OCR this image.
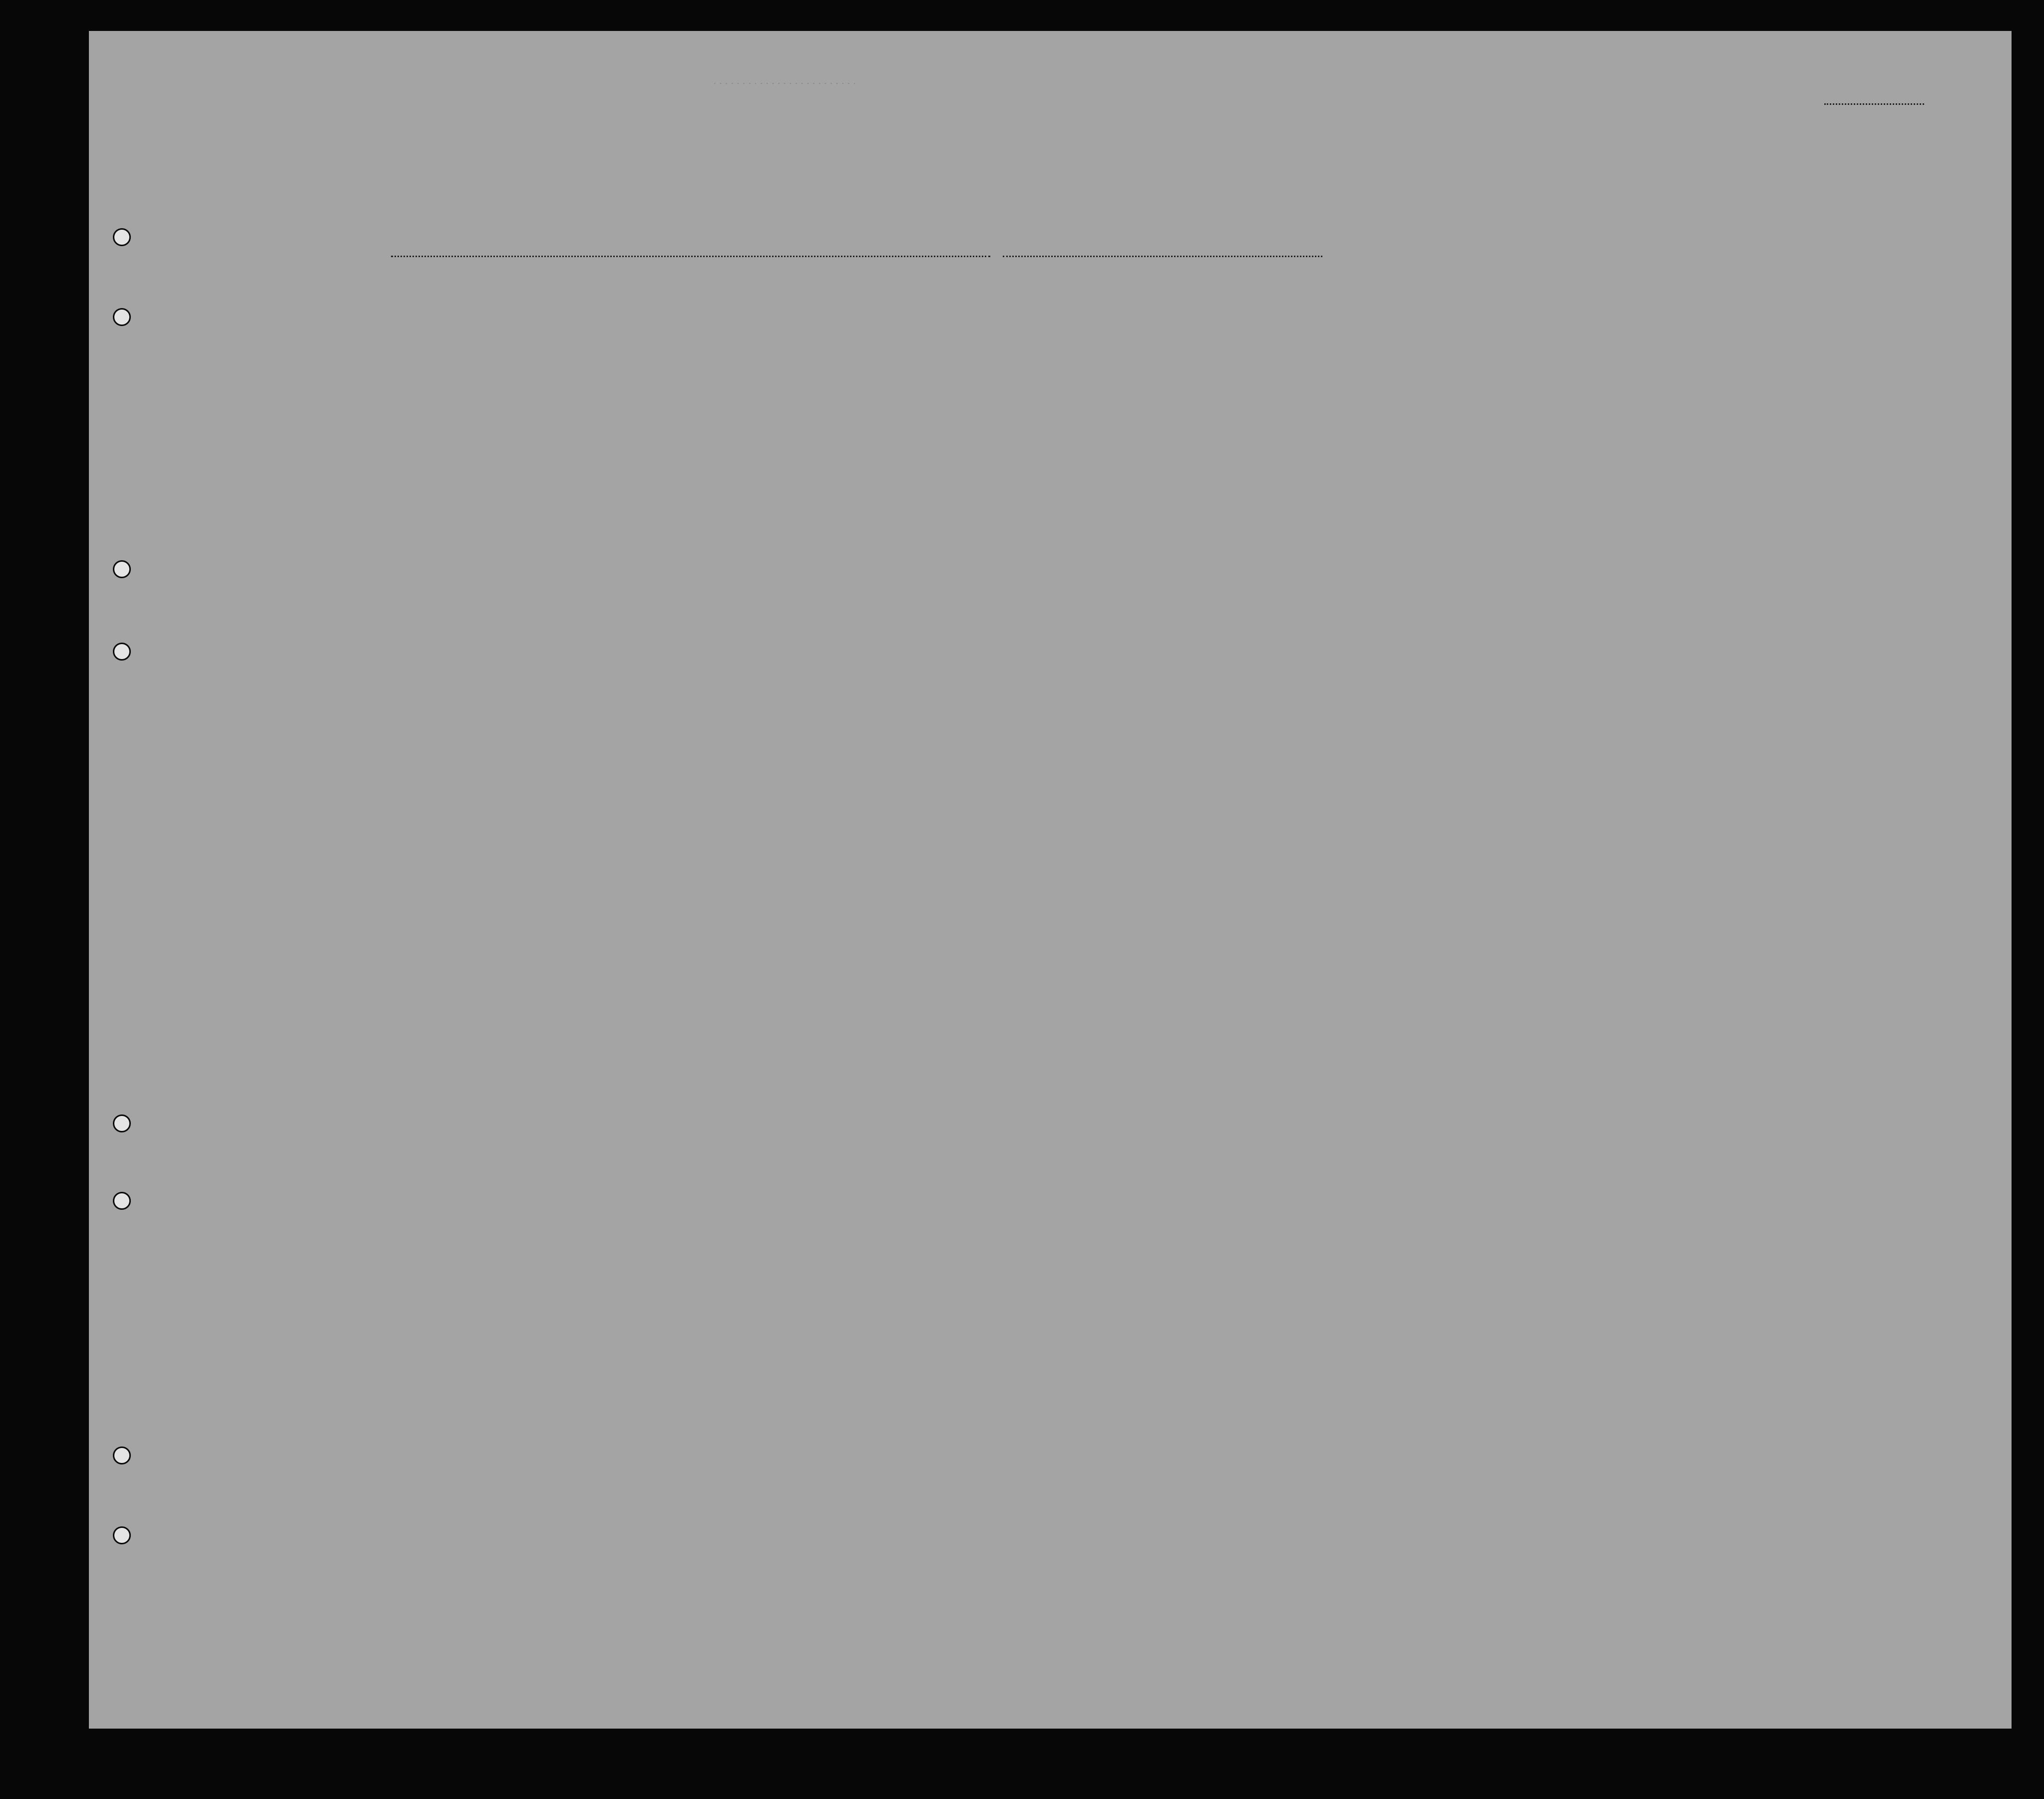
· · · · · · · · · · · · · · · · · · · · · · · · ·
